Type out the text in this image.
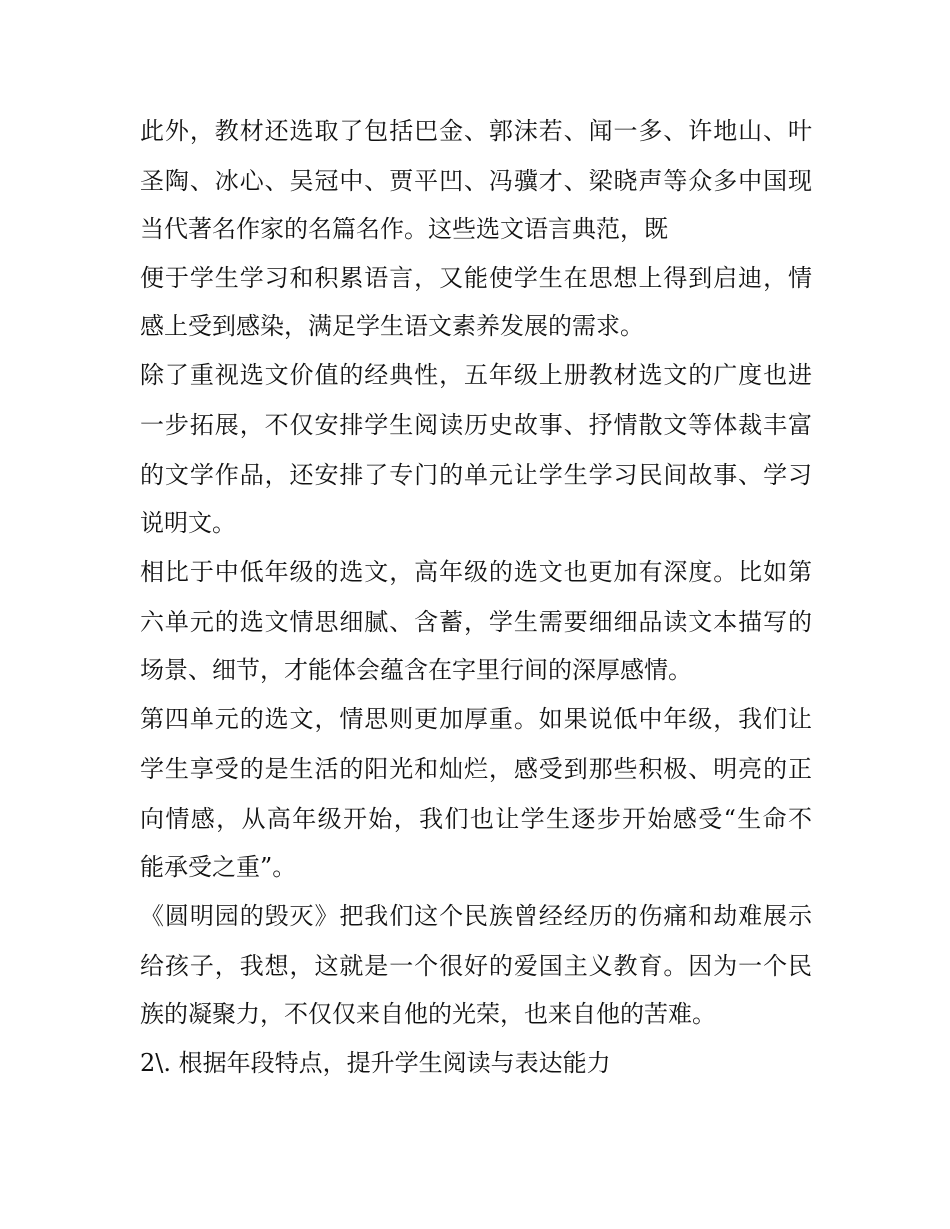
此外，教材还选取了包括巴金、郭沫若、闻一多、许地山、叶
圣陶、冰心、吴冠中、贾平凹、冯骥才、梁晓声等众多中国现
当代著名作家的名篇名作。这些选文语言典范，既
便于学生学习和积累语言，又能使学生在思想上得到启迪，情
感上受到感染，满足学生语文素养发展的需求。
除了重视选文价值的经典性，五年级上册教材选文的广度也进
一步拓展，不仅安排学生阅读历史故事、抒情散文等体裁丰富
的文学作品，还安排了专门的单元让学生学习民间故事、学习
说明文。
相比于中低年级的选文，高年级的选文也更加有深度。比如第
六单元的选文情思细腻、含蓄，学生需要细细品读文本描写的
场景、细节，才能体会蕴含在字里行间的深厚感情。
第四单元的选文，情思则更加厚重。如果说低中年级，我们让
学生享受的是生活的阳光和灿烂，感受到那些积极、明亮的正
向情感，从高年级开始，我们也让学生逐步开始感受“生命不
能承受之重”。
《圆明园的毁灭》把我们这个民族曾经经历的伤痛和劫难展示
给孩子，我想，这就是一个很好的爱国主义教育。因为一个民
族的凝聚力，不仅仅来自他的光荣，也来自他的苦难。
2\. 根据年段特点，提升学生阅读与表达能力
